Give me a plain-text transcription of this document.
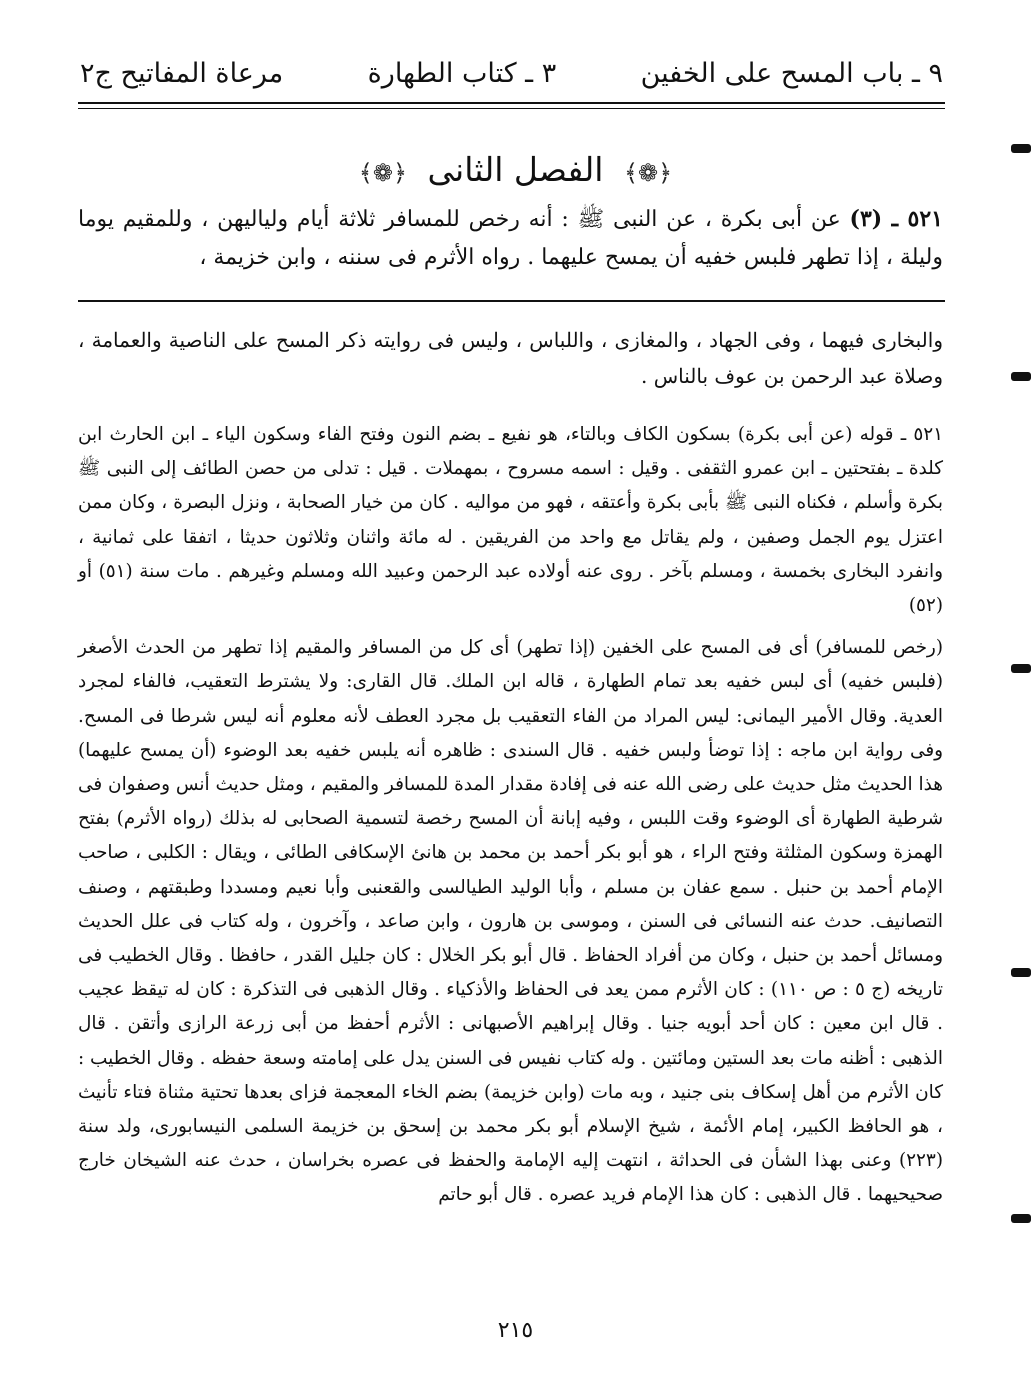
مرعاة المفاتيح ج٢	٣ ـ كتاب الطهارة	٩ ـ باب المسح على الخفين
﴿❁﴾ الفصل الثانى ﴿❁﴾
٥٢١ ـ (٣) عن أبى بكرة ، عن النبى ﷺ : أنه رخص للمسافر ثلاثة أيام ولياليهن ، وللمقيم يوما وليلة ، إذا تطهر فلبس خفيه أن يمسح عليهما . رواه الأثرم فى سننه ، وابن خزيمة ،
والبخارى فيهما ، وفى الجهاد ، والمغازى ، واللباس ، وليس فى روايته ذكر المسح على الناصية والعمامة ، وصلاة عبد الرحمن بن عوف بالناس .

٥٢١ ـ قوله (عن أبى بكرة) بسكون الكاف وبالتاء، هو نفيع ـ بضم النون وفتح الفاء وسكون الياء ـ ابن الحارث ابن كلدة ـ بفتحتين ـ ابن عمرو الثقفى . وقيل : اسمه مسروح ، بمهملات . قيل : تدلى من حصن الطائف إلى النبى ﷺ بكرة وأسلم ، فكناه النبى ﷺ بأبى بكرة وأعتقه ، فهو من مواليه . كان من خيار الصحابة ، ونزل البصرة ، وكان ممن اعتزل يوم الجمل وصفين ، ولم يقاتل مع واحد من الفريقين . له مائة واثنان وثلاثون حديثا ، اتفقا على ثمانية ، وانفرد البخارى بخمسة ، ومسلم بآخر . روى عنه أولاده عبد الرحمن وعبيد الله ومسلم وغيرهم . مات سنة (٥١) أو (٥٢)

(رخص للمسافر) أى فى المسح على الخفين (إذا تطهر) أى كل من المسافر والمقيم إذا تطهر من الحدث الأصغر (فلبس خفيه) أى لبس خفيه بعد تمام الطهارة ، قاله ابن الملك. قال القارى: ولا يشترط التعقيب، فالفاء لمجرد العدية. وقال الأمير اليمانى: ليس المراد من الفاء التعقيب بل مجرد العطف لأنه معلوم أنه ليس شرطا فى المسح. وفى رواية ابن ماجه : إذا توضأ ولبس خفيه . قال السندى : ظاهره أنه يلبس خفيه بعد الوضوء (أن يمسح عليهما) هذا الحديث مثل حديث على رضى الله عنه فى إفادة مقدار المدة للمسافر والمقيم ، ومثل حديث أنس وصفوان فى شرطية الطهارة أى الوضوء وقت اللبس ، وفيه إبانة أن المسح رخصة لتسمية الصحابى له بذلك (رواه الأثرم) بفتح الهمزة وسكون المثلثة وفتح الراء ، هو أبو بكر أحمد بن محمد بن هانئ الإسكافى الطائى ، ويقال : الكلبى ، صاحب الإمام أحمد بن حنبل . سمع عفان بن مسلم ، وأبا الوليد الطيالسى والقعنبى وأبا نعيم ومسددا وطبقتهم ، وصنف التصانيف. حدث عنه النسائى فى السنن ، وموسى بن هارون ، وابن صاعد ، وآخرون ، وله كتاب فى علل الحديث ومسائل أحمد بن حنبل ، وكان من أفراد الحفاظ . قال أبو بكر الخلال : كان جليل القدر ، حافظا . وقال الخطيب فى تاريخه (ج ٥ : ص ١١٠) : كان الأثرم ممن يعد فى الحفاظ والأذكياء . وقال الذهبى فى التذكرة : كان له تيقظ عجيب . قال ابن معين : كان أحد أبويه جنيا . وقال إبراهيم الأصبهانى : الأثرم أحفظ من أبى زرعة الرازى وأتقن . قال الذهبى : أظنه مات بعد الستين ومائتين . وله كتاب نفيس فى السنن يدل على إمامته وسعة حفظه . وقال الخطيب : كان الأثرم من أهل إسكاف بنى جنيد ، وبه مات (وابن خزيمة) بضم الخاء المعجمة فزاى بعدها تحتية مثناة فتاء تأنيث ، هو الحافظ الكبير، إمام الأئمة ، شيخ الإسلام أبو بكر محمد بن إسحق بن خزيمة السلمى النيسابورى، ولد سنة (٢٢٣) وعنى بهذا الشأن فى الحداثة ، انتهت إليه الإمامة والحفظ فى عصره بخراسان ، حدث عنه الشيخان خارج صحيحيهما . قال الذهبى : كان هذا الإمام فريد عصره . قال أبو حاتم

٢١٥
